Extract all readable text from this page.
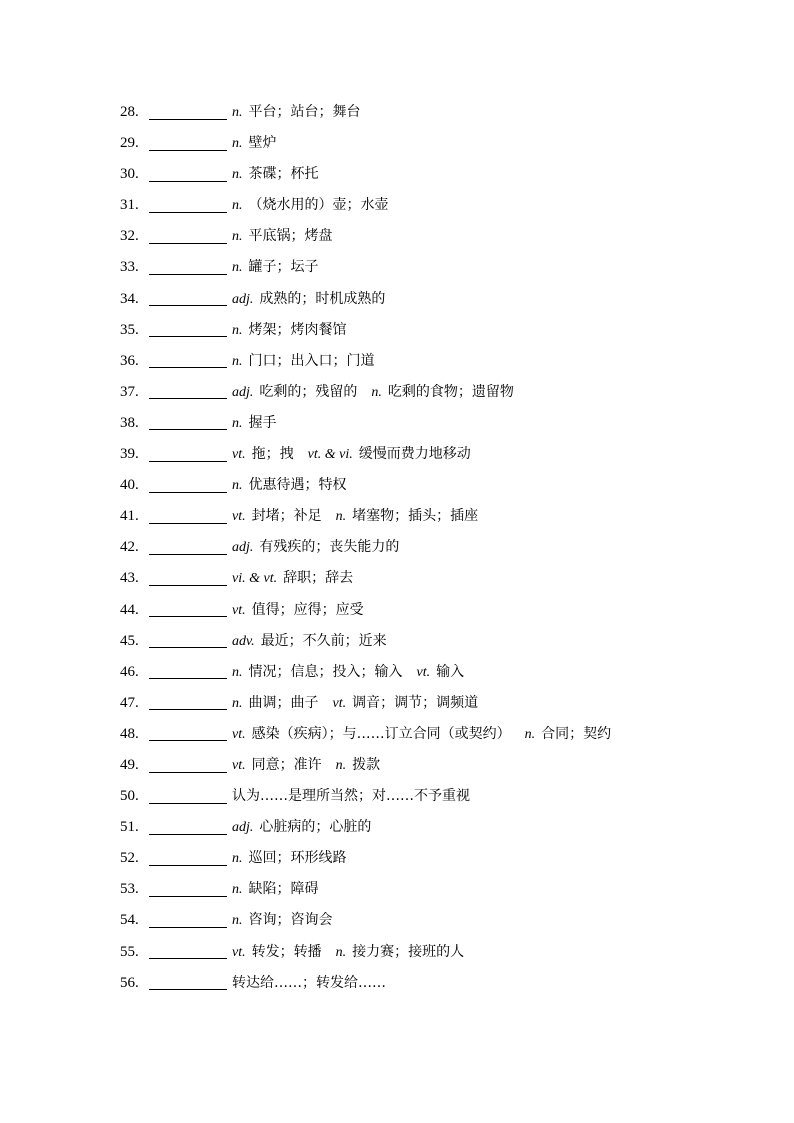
28.	n. 平台；站台；舞台
29.	n. 壁炉
30.	n. 茶碟；杯托
31.	n. （烧水用的）壶；水壶
32.	n. 平底锅；烤盘
33.	n. 罐子；坛子
34.	adj. 成熟的；时机成熟的
35.	n. 烤架；烤肉餐馆
36.	n. 门口；出入口；门道
37.	adj. 吃剩的；残留的 n. 吃剩的食物；遗留物
38.	n. 握手
39.	vt. 拖；拽 vt. & vi. 缓慢而费力地移动
40.	n. 优惠待遇；特权
41.	vt. 封堵；补足 n. 堵塞物；插头；插座
42.	adj. 有残疾的；丧失能力的
43.	vi. & vt. 辞职；辞去
44.	vt. 值得；应得；应受
45.	adv. 最近；不久前；近来
46.	n. 情况；信息；投入；输入 vt. 输入
47.	n. 曲调；曲子 vt. 调音；调节；调频道
48.	vt. 感染（疾病）；与……订立合同（或契约） n. 合同；契约
49.	vt. 同意；准许 n. 拨款
50.	认为……是理所当然；对……不予重视
51.	adj. 心脏病的；心脏的
52.	n. 巡回；环形线路
53.	n. 缺陷；障碍
54.	n. 咨询；咨询会
55.	vt. 转发；转播 n. 接力赛；接班的人
56.	转达给……；转发给……
